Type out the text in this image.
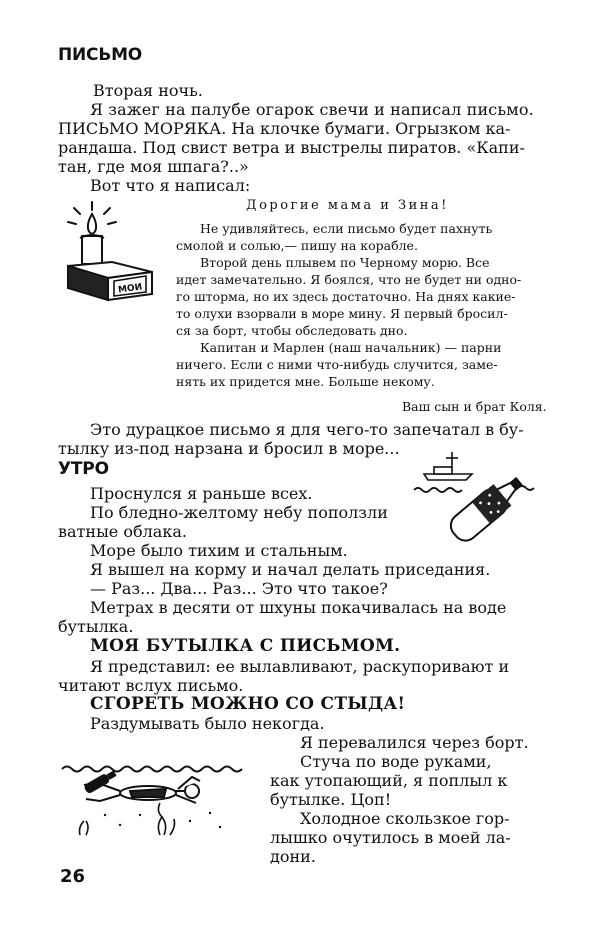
ПИСЬМО
Вторая ночь.
Я зажег на палубе огарок свечи и написал письмо.
ПИСЬМО МОРЯКА. На клочке бумаги. Огрызком ка-
рандаша. Под свист ветра и выстрелы пиратов. «Капи-
тан, где моя шпага?..»
Вот что я написал:
МОИ
Дорогие мама и Зина!
Не удивляйтесь, если письмо будет пахнуть
смолой и солью,— пишу на корабле.
Второй день плывем по Черному морю. Все
идет замечательно. Я боялся, что не будет ни одно-
го шторма, но их здесь достаточно. На днях какие-
то олухи взорвали в море мину. Я первый бросил-
ся за борт, чтобы обследовать дно.
Капитан и Марлен (наш начальник) — парни
ничего. Если с ними что-нибудь случится, заме-
нять их придется мне. Больше некому.
Ваш сын и брат Коля.
Это дурацкое письмо я для чего-то запечатал в бу-
тылку из-под нарзана и бросил в море...
УТРО
Проснулся я раньше всех.
По бледно-желтому небу поползли
ватные облака.
Море было тихим и стальным.
Я вышел на корму и начал делать приседания.
— Раз... Два... Раз... Это что такое?
Метрах в десяти от шхуны покачивалась на воде
бутылка.
МОЯ БУТЫЛКА С ПИСЬМОМ.
Я представил: ее вылавливают, раскупоривают и
читают вслух письмо.
СГОРЕТЬ МОЖНО СО СТЫДА!
Раздумывать было некогда.
Я перевалился через борт.
Стуча по воде руками,
как утопающий, я поплыл к
бутылке. Цоп!
Холодное скользкое гор-
лышко очутилось в моей ла-
дони.
26
